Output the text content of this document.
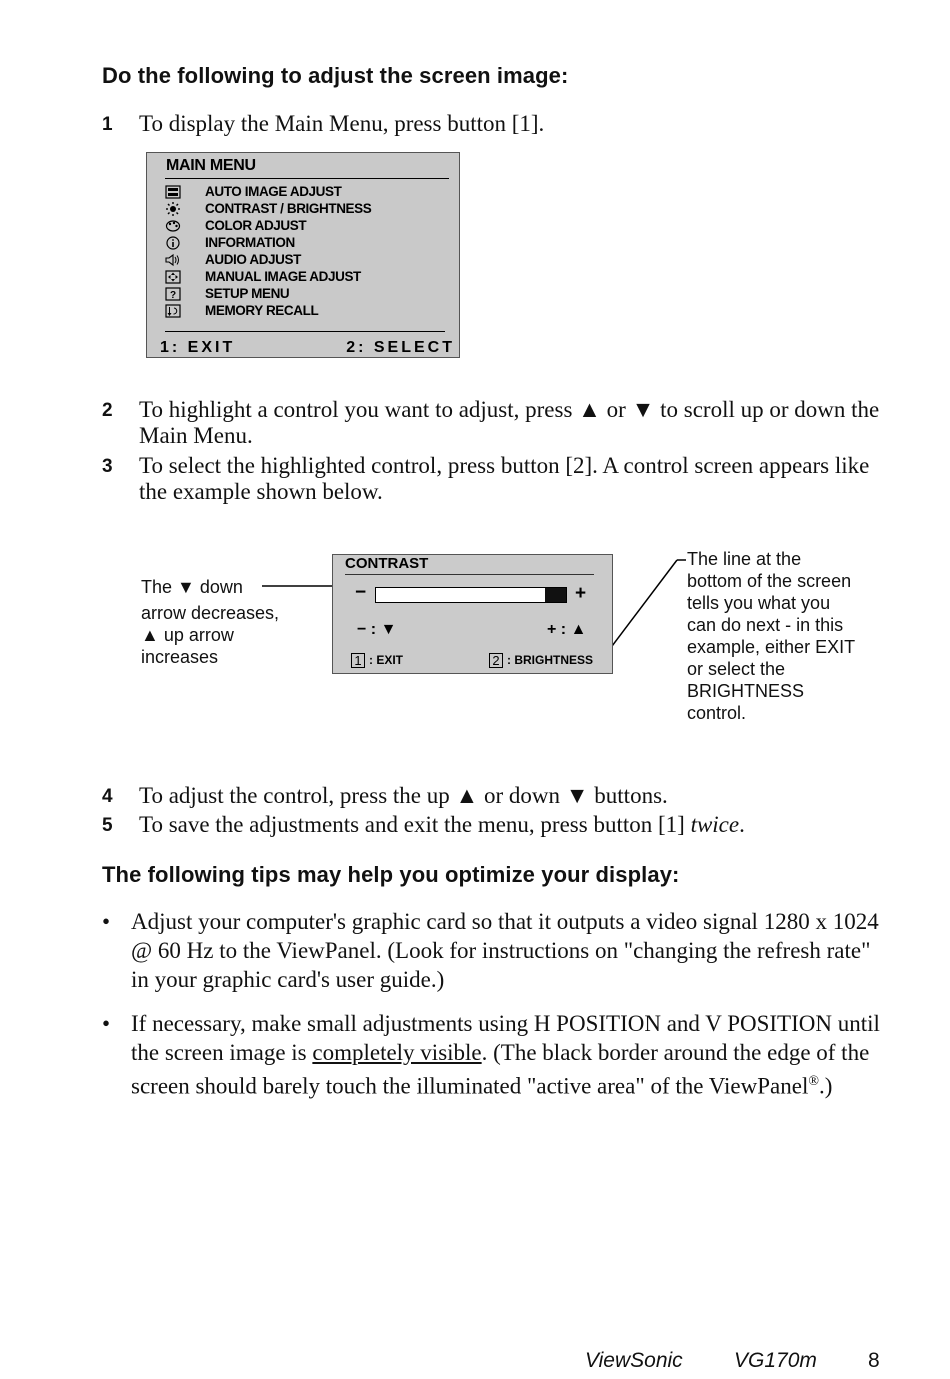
Do the following to adjust the screen image:
1 To display the Main Menu, press button [1].
MAIN MENU
AUTO IMAGE ADJUST
CONTRAST / BRIGHTNESS
COLOR ADJUST
INFORMATION
AUDIO ADJUST
MANUAL IMAGE ADJUST
? SETUP MENU
MEMORY RECALL
1: EXIT	2: SELECT
2 To highlight a control you want to adjust, press ▲ or ▼ to scroll up or down the Main Menu.
3 To select the highlighted control, press button [2]. A control screen appears like the example shown below.
The ▼ down
arrow decreases,
▲ up arrow
increases
CONTRAST
−	+
− : ▼	+ : ▲
1 : EXIT	2 : BRIGHTNESS
The line at the
bottom of the screen
tells you what you
can do next - in this
example, either EXIT
or select the
BRIGHTNESS
control.
4 To adjust the control, press the up ▲ or down ▼ buttons.
5 To save the adjustments and exit the menu, press button [1] twice.
The following tips may help you optimize your display:
• Adjust your computer's graphic card so that it outputs a video signal 1280 x 1024 @ 60 Hz to the ViewPanel. (Look for instructions on "changing the refresh rate" in your graphic card's user guide.)
• If necessary, make small adjustments using H POSITION and V POSITION until the screen image is completely visible. (The black border around the edge of the screen should barely touch the illuminated "active area" of the ViewPanel®.)
ViewSonic VG170m 8
